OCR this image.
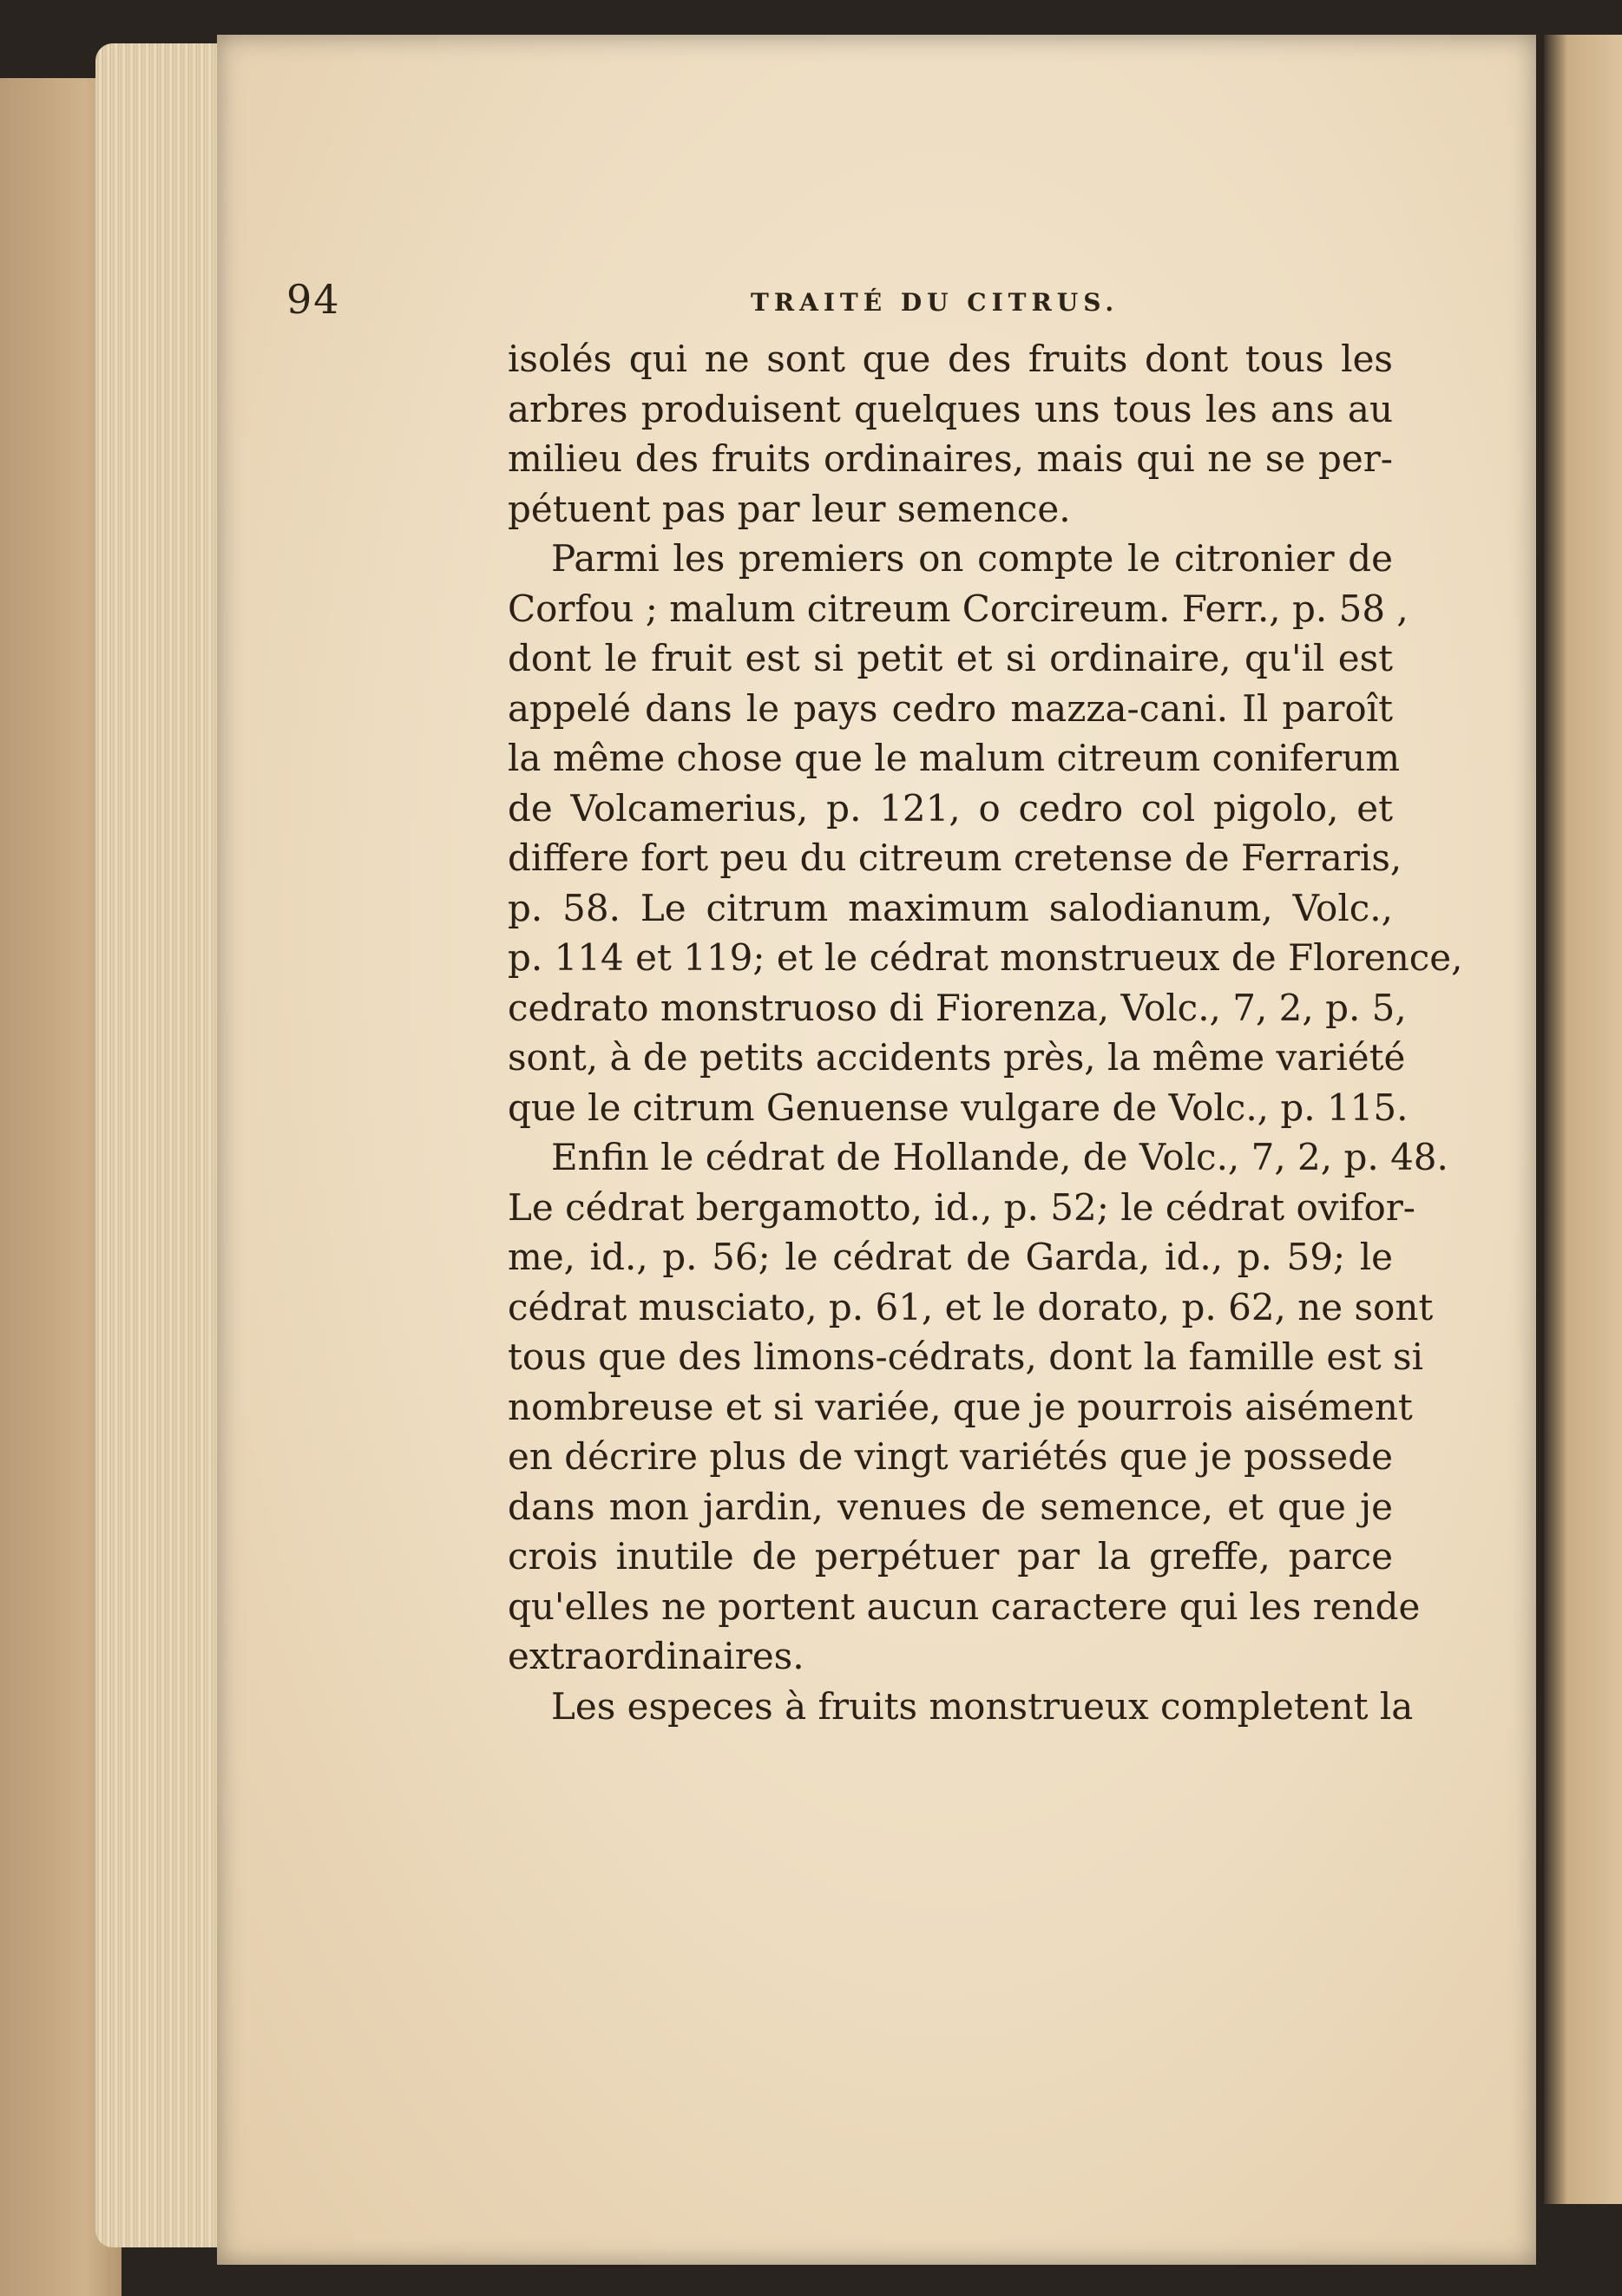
94	TRAITÉ DU CITRUS.
isolés qui ne sont que des fruits dont tous les
arbres produisent quelques uns tous les ans au
milieu des fruits ordinaires, mais qui ne se per-
pétuent pas par leur semence.
Parmi les premiers on compte le citronier de
Corfou ; malum citreum Corcireum. Ferr., p. 58 ,
dont le fruit est si petit et si ordinaire, qu'il est
appelé dans le pays cedro mazza-cani. Il paroît
la même chose que le malum citreum coniferum
de Volcamerius, p. 121, o cedro col pigolo, et
differe fort peu du citreum cretense de Ferraris,
p. 58. Le citrum maximum salodianum, Volc.,
p. 114 et 119; et le cédrat monstrueux de Florence,
cedrato monstruoso di Fiorenza, Volc., 7, 2, p. 5,
sont, à de petits accidents près, la même variété
que le citrum Genuense vulgare de Volc., p. 115.
Enfin le cédrat de Hollande, de Volc., 7, 2, p. 48.
Le cédrat bergamotto, id., p. 52; le cédrat ovifor-
me, id., p. 56; le cédrat de Garda, id., p. 59; le
cédrat musciato, p. 61, et le dorato, p. 62, ne sont
tous que des limons-cédrats, dont la famille est si
nombreuse et si variée, que je pourrois aisément
en décrire plus de vingt variétés que je possede
dans mon jardin, venues de semence, et que je
crois inutile de perpétuer par la greffe, parce
qu'elles ne portent aucun caractere qui les rende
extraordinaires.
Les especes à fruits monstrueux completent la
